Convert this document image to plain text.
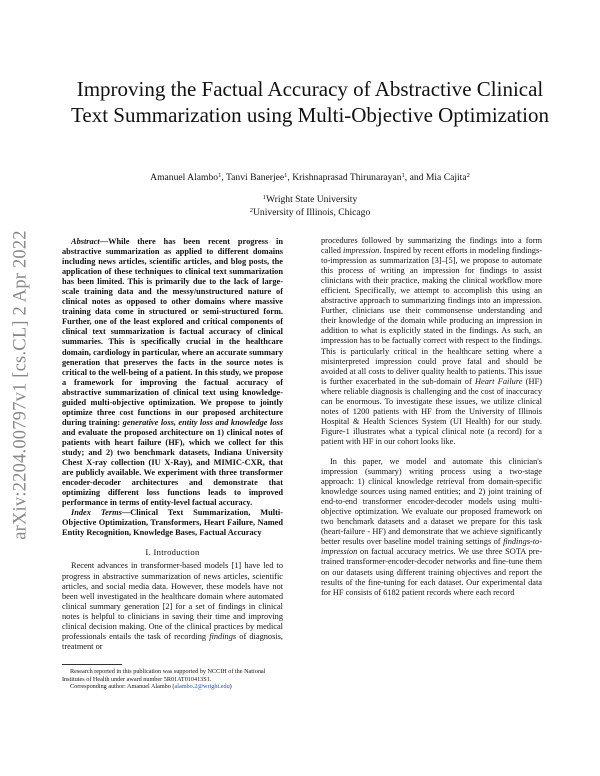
arXiv:2204.00797v1 [cs.CL] 2 Apr 2022
Improving the Factual Accuracy of Abstractive Clinical Text Summarization using Multi-Objective Optimization
Amanuel Alambo$^1$, Tanvi Banerjee$^1$, Krishnaprasad Thirunarayan$^1$, and Mia Cajita$^2$
$^1$Wright State University
$^2$University of Illinois, Chicago

Abstract—While there has been recent progress in abstractive summarization as applied to different domains including news articles, scientific articles, and blog posts, the application of these techniques to clinical text summarization has been limited. This is primarily due to the lack of large-scale training data and the messy/unstructured nature of clinical notes as opposed to other domains where massive training data come in structured or semi-structured form. Further, one of the least explored and critical components of clinical text summarization is factual accuracy of clinical summaries. This is specifically crucial in the healthcare domain, cardiology in particular, where an accurate summary generation that preserves the facts in the source notes is critical to the well-being of a patient. In this study, we propose a framework for improving the factual accuracy of abstractive summarization of clinical text using knowledge-guided multi-objective optimization. We propose to jointly optimize three cost functions in our proposed architecture during training: generative loss, entity loss and knowledge loss and evaluate the proposed architecture on 1) clinical notes of patients with heart failure (HF), which we collect for this study; and 2) two benchmark datasets, Indiana University Chest X-ray collection (IU X-Ray), and MIMIC-CXR, that are publicly available. We experiment with three transformer encoder-decoder architectures and demonstrate that optimizing different loss functions leads to improved performance in terms of entity-level factual accuracy.

Index Terms—Clinical Text Summarization, Multi-Objective Optimization, Transformers, Heart Failure, Named Entity Recognition, Knowledge Bases, Factual Accuracy

I. Introduction

Recent advances in transformer-based models [1] have led to progress in abstractive summarization of news articles, scientific articles, and social media data. However, these models have not been well investigated in the healthcare domain where automated clinical summary generation [2] for a set of findings in clinical notes is helpful to clinicians in saving their time and improving clinical decision making. One of the clinical practices by medical professionals entails the task of recording findings of diagnosis, treatment or

Research reported in this publication was supported by NCCIH of the National Institutes of Health under award number 5R01AT010413S1.

Corresponding author: Amanuel Alambo (alambo.2@wright.edu)

procedures followed by summarizing the findings into a form called impression. Inspired by recent efforts in modeling findings-to-impression as summarization [3]–[5], we propose to automate this process of writing an impression for findings to assist clinicians with their practice, making the clinical workflow more efficient. Specifically, we attempt to accomplish this using an abstractive approach to summarizing findings into an impression. Further, clinicians use their commonsense understanding and their knowledge of the domain while producing an impression in addition to what is explicitly stated in the findings. As such, an impression has to be factually correct with respect to the findings. This is particularly critical in the healthcare setting where a misinterpreted impression could prove fatal and should be avoided at all costs to deliver quality health to patients. This issue is further exacerbated in the sub-domain of Heart Failure (HF) where reliable diagnosis is challenging and the cost of inaccuracy can be enormous. To investigate these issues, we utilize clinical notes of 1200 patients with HF from the University of Illinois Hospital & Health Sciences System (UI Health) for our study. Figure-1 illustrates what a typical clinical note (a record) for a patient with HF in our cohort looks like.

In this paper, we model and automate this clinician's impression (summary) writing process using a two-stage approach: 1) clinical knowledge retrieval from domain-specific knowledge sources using named entities; and 2) joint training of end-to-end transformer encoder-decoder models using multi-objective optimization. We evaluate our proposed framework on two benchmark datasets and a dataset we prepare for this task (heart-failure - HF) and demonstrate that we achieve significantly better results over baseline model training settings of findings-to-impression on factual accuracy metrics. We use three SOTA pre-trained transformer-encoder-decoder networks and fine-tune them on our datasets using different training objectives and report the results of the fine-tuning for each dataset. Our experimental data for HF consists of 6182 patient records where each record
